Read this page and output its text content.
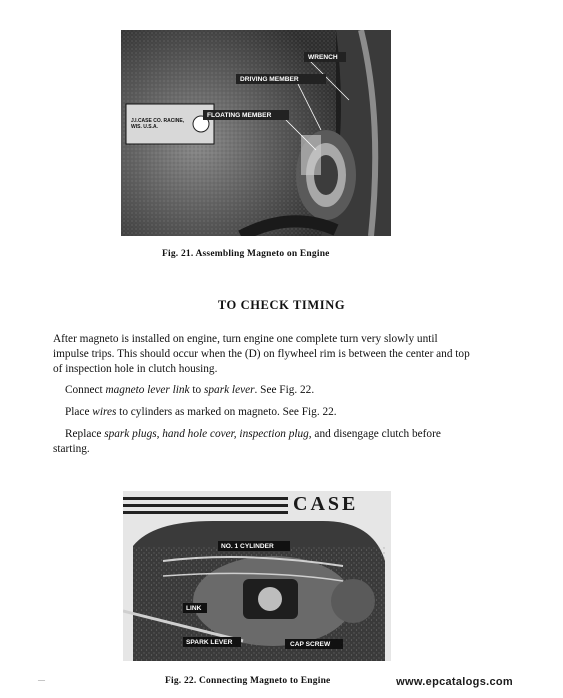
WRENCH
DRIVING MEMBER
FLOATING MEMBER
J.I.CASE CO. RACINE, WIS. U.S.A.
Fig. 21. Assembling Magneto on Engine
TO CHECK TIMING

After magneto is installed on engine, turn engine one complete turn very slowly until impulse trips. This should occur when the (D) on flywheel rim is between the center and top of inspection hole in clutch housing.

Connect magneto lever link to spark lever. See Fig. 22.

Place wires to cylinders as marked on magneto. See Fig. 22.

Replace spark plugs, hand hole cover, inspection plug, and disengage clutch before starting.

CASE
NO. 1 CYLINDER
LINK
SPARK LEVER	CAP SCREW
Fig. 22. Connecting Magneto to Engine
—	www.epcatalogs.com
